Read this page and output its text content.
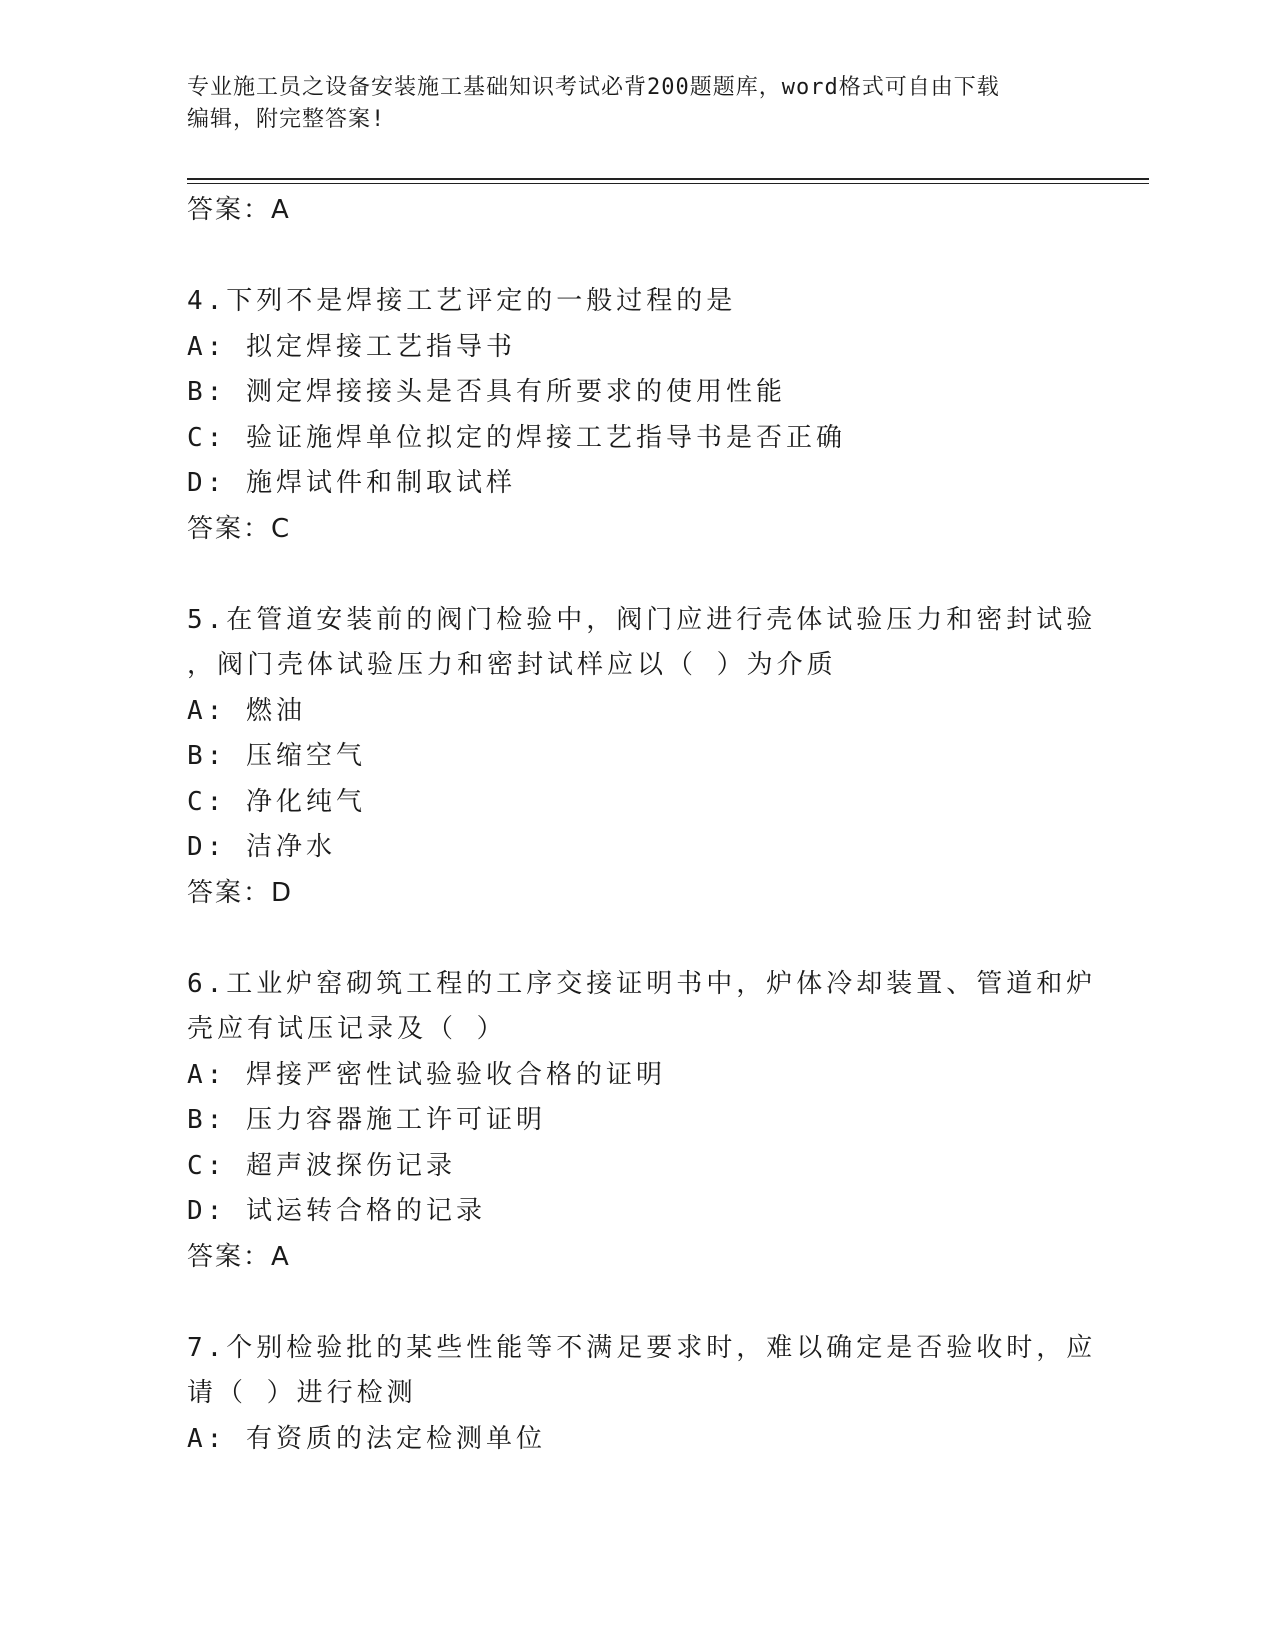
专业施工员之设备安装施工基础知识考试必背200题题库，word格式可自由下载
编辑，附完整答案!
答案：A
4.下列不是焊接工艺评定的一般过程的是
A: 拟定焊接工艺指导书
B: 测定焊接接头是否具有所要求的使用性能
C: 验证施焊单位拟定的焊接工艺指导书是否正确
D: 施焊试件和制取试样
答案：C
5.在管道安装前的阀门检验中，阀门应进行壳体试验压力和密封试验
，阀门壳体试验压力和密封试样应以（ ）为介质
A: 燃油
B: 压缩空气
C: 净化纯气
D: 洁净水
答案：D
6.工业炉窑砌筑工程的工序交接证明书中，炉体冷却装置、管道和炉
壳应有试压记录及（ ）
A: 焊接严密性试验验收合格的证明
B: 压力容器施工许可证明
C: 超声波探伤记录
D: 试运转合格的记录
答案：A
7.个别检验批的某些性能等不满足要求时，难以确定是否验收时，应
请（ ）进行检测
A: 有资质的法定检测单位
